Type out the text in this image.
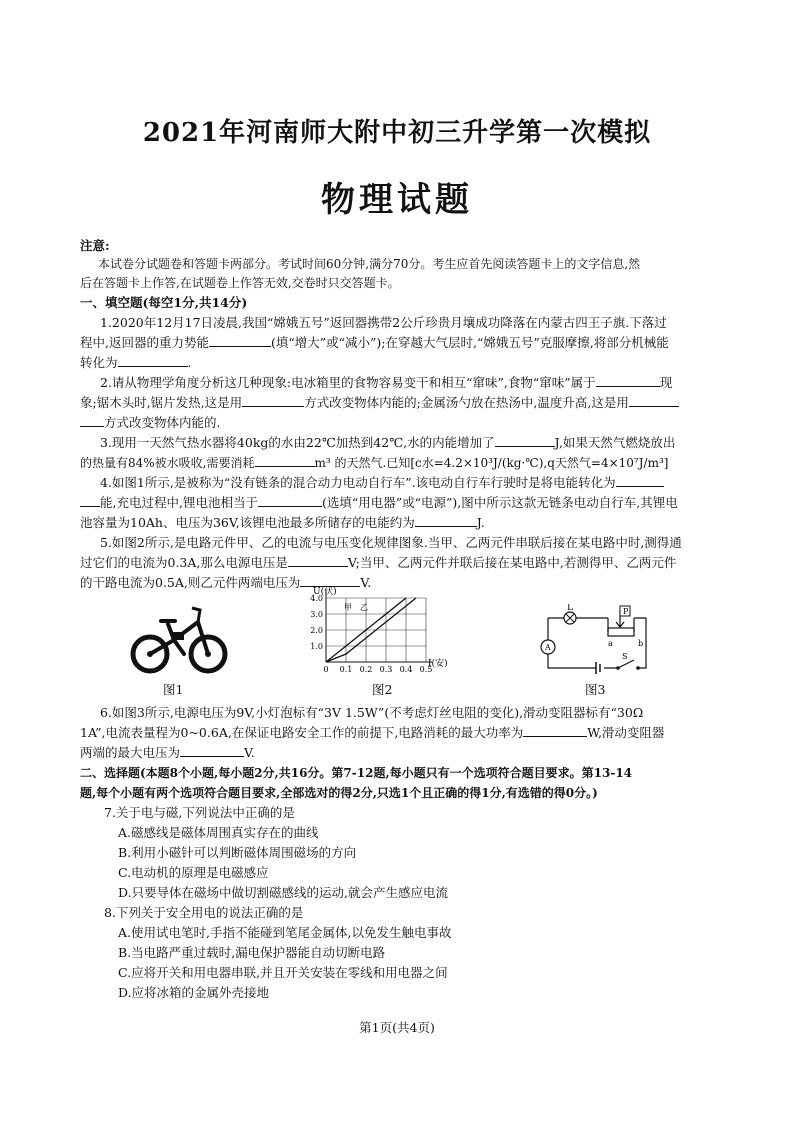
2021年河南师大附中初三升学第一次模拟
物理试题
注意:
本试卷分试题卷和答题卡两部分。考试时间60分钟,满分70分。考生应首先阅读答题卡上的文字信息,然
后在答题卡上作答,在试题卷上作答无效,交卷时只交答题卡。
一、填空题(每空1分,共14分)
1.2020年12月17日凌晨,我国“嫦娥五号”返回器携带2公斤珍贵月壤成功降落在内蒙古四王子旗.下落过
程中,返回器的重力势能	(填“增大”或“减小”);在穿越大气层时,“嫦娥五号”克服摩擦,将部分机械能
转化为	.
2.请从物理学角度分析这几种现象:电冰箱里的食物容易变干和相互“窜味”,食物“窜味”属于	现
象;锯木头时,锯片发热,这是用	方式改变物体内能的;金属汤勺放在热汤中,温度升高,这是用
方式改变物体内能的.
3.现用一天然气热水器将40kg的水由22℃加热到42℃,水的内能增加了	J,如果天然气燃烧放出
的热量有84%被水吸收,需要消耗	m³ 的天然气.已知[c水=4.2×10³J/(kg·℃),q天然气=4×10⁷J/m³]
4.如图1所示,是被称为“没有链条的混合动力电动自行车”.该电动自行车行驶时是将电能转化为
能,充电过程中,锂电池相当于	(选填“用电器”或“电源”),图中所示这款无链条电动自行车,其锂电
池容量为10Ah、电压为36V,该锂电池最多所储存的电能约为	J.
5.如图2所示,是电路元件甲、乙的电流与电压变化规律图象.当甲、乙两元件串联后接在某电路中时,测得通
过它们的电流为0.3A,那么电源电压是	V;当甲、乙两元件并联后接在某电路中,若测得甲、乙两元件
的干路电流为0.5A,则乙元件两端电压为	V.
图1
4.0
3.0
2.0
1.0
0 0.1 0.2 0.3 0.4 0.5
U(伏)
I(安)
甲 乙
图2
L	P
a	b
A
S
图3
6.如图3所示,电源电压为9V,小灯泡标有“3V 1.5W”(不考虑灯丝电阻的变化),滑动变阻器标有“30Ω
1A”,电流表量程为0~0.6A,在保证电路安全工作的前提下,电路消耗的最大功率为	W,滑动变阻器
两端的最大电压为	V.
二、选择题(本题8个小题,每小题2分,共16分。第7-12题,每小题只有一个选项符合题目要求。第13-14
题,每个小题有两个选项符合题目要求,全部选对的得2分,只选1个且正确的得1分,有选错的得0分。)
7.关于电与磁,下列说法中正确的是
A.磁感线是磁体周围真实存在的曲线
B.利用小磁针可以判断磁体周围磁场的方向
C.电动机的原理是电磁感应
D.只要导体在磁场中做切割磁感线的运动,就会产生感应电流
8.下列关于安全用电的说法正确的是
A.使用试电笔时,手指不能碰到笔尾金属体,以免发生触电事故
B.当电路严重过载时,漏电保护器能自动切断电路
C.应将开关和用电器串联,并且开关安装在零线和用电器之间
D.应将冰箱的金属外壳接地
第1页(共4页)
